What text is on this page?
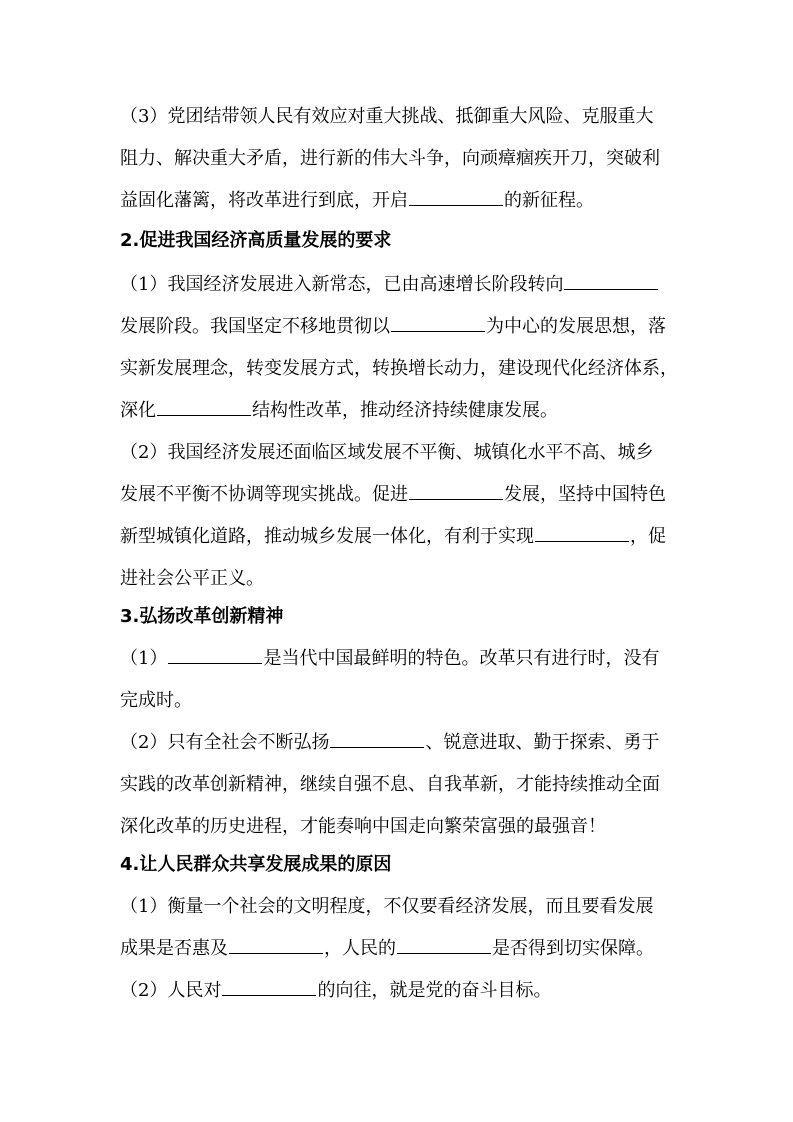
（3）党团结带领人民有效应对重大挑战、抵御重大风险、克服重大
阻力、解决重大矛盾，进行新的伟大斗争，向顽瘴痼疾开刀，突破利
益固化藩篱，将改革进行到底，开启	的新征程。
2.促进我国经济高质量发展的要求
（1）我国经济发展进入新常态，已由高速增长阶段转向
发展阶段。我国坚定不移地贯彻以	为中心的发展思想，落
实新发展理念，转变发展方式，转换增长动力，建设现代化经济体系，
深化	结构性改革，推动经济持续健康发展。
（2）我国经济发展还面临区域发展不平衡、城镇化水平不高、城乡
发展不平衡不协调等现实挑战。促进	发展，坚持中国特色
新型城镇化道路，推动城乡发展一体化，有利于实现	，促
进社会公平正义。
3.弘扬改革创新精神
（1）	是当代中国最鲜明的特色。改革只有进行时，没有
完成时。
（2）只有全社会不断弘扬	、锐意进取、勤于探索、勇于
实践的改革创新精神，继续自强不息、自我革新，才能持续推动全面
深化改革的历史进程，才能奏响中国走向繁荣富强的最强音！
4.让人民群众共享发展成果的原因
（1）衡量一个社会的文明程度，不仅要看经济发展，而且要看发展
成果是否惠及	，人民的	是否得到切实保障。
（2）人民对	的向往，就是党的奋斗目标。
